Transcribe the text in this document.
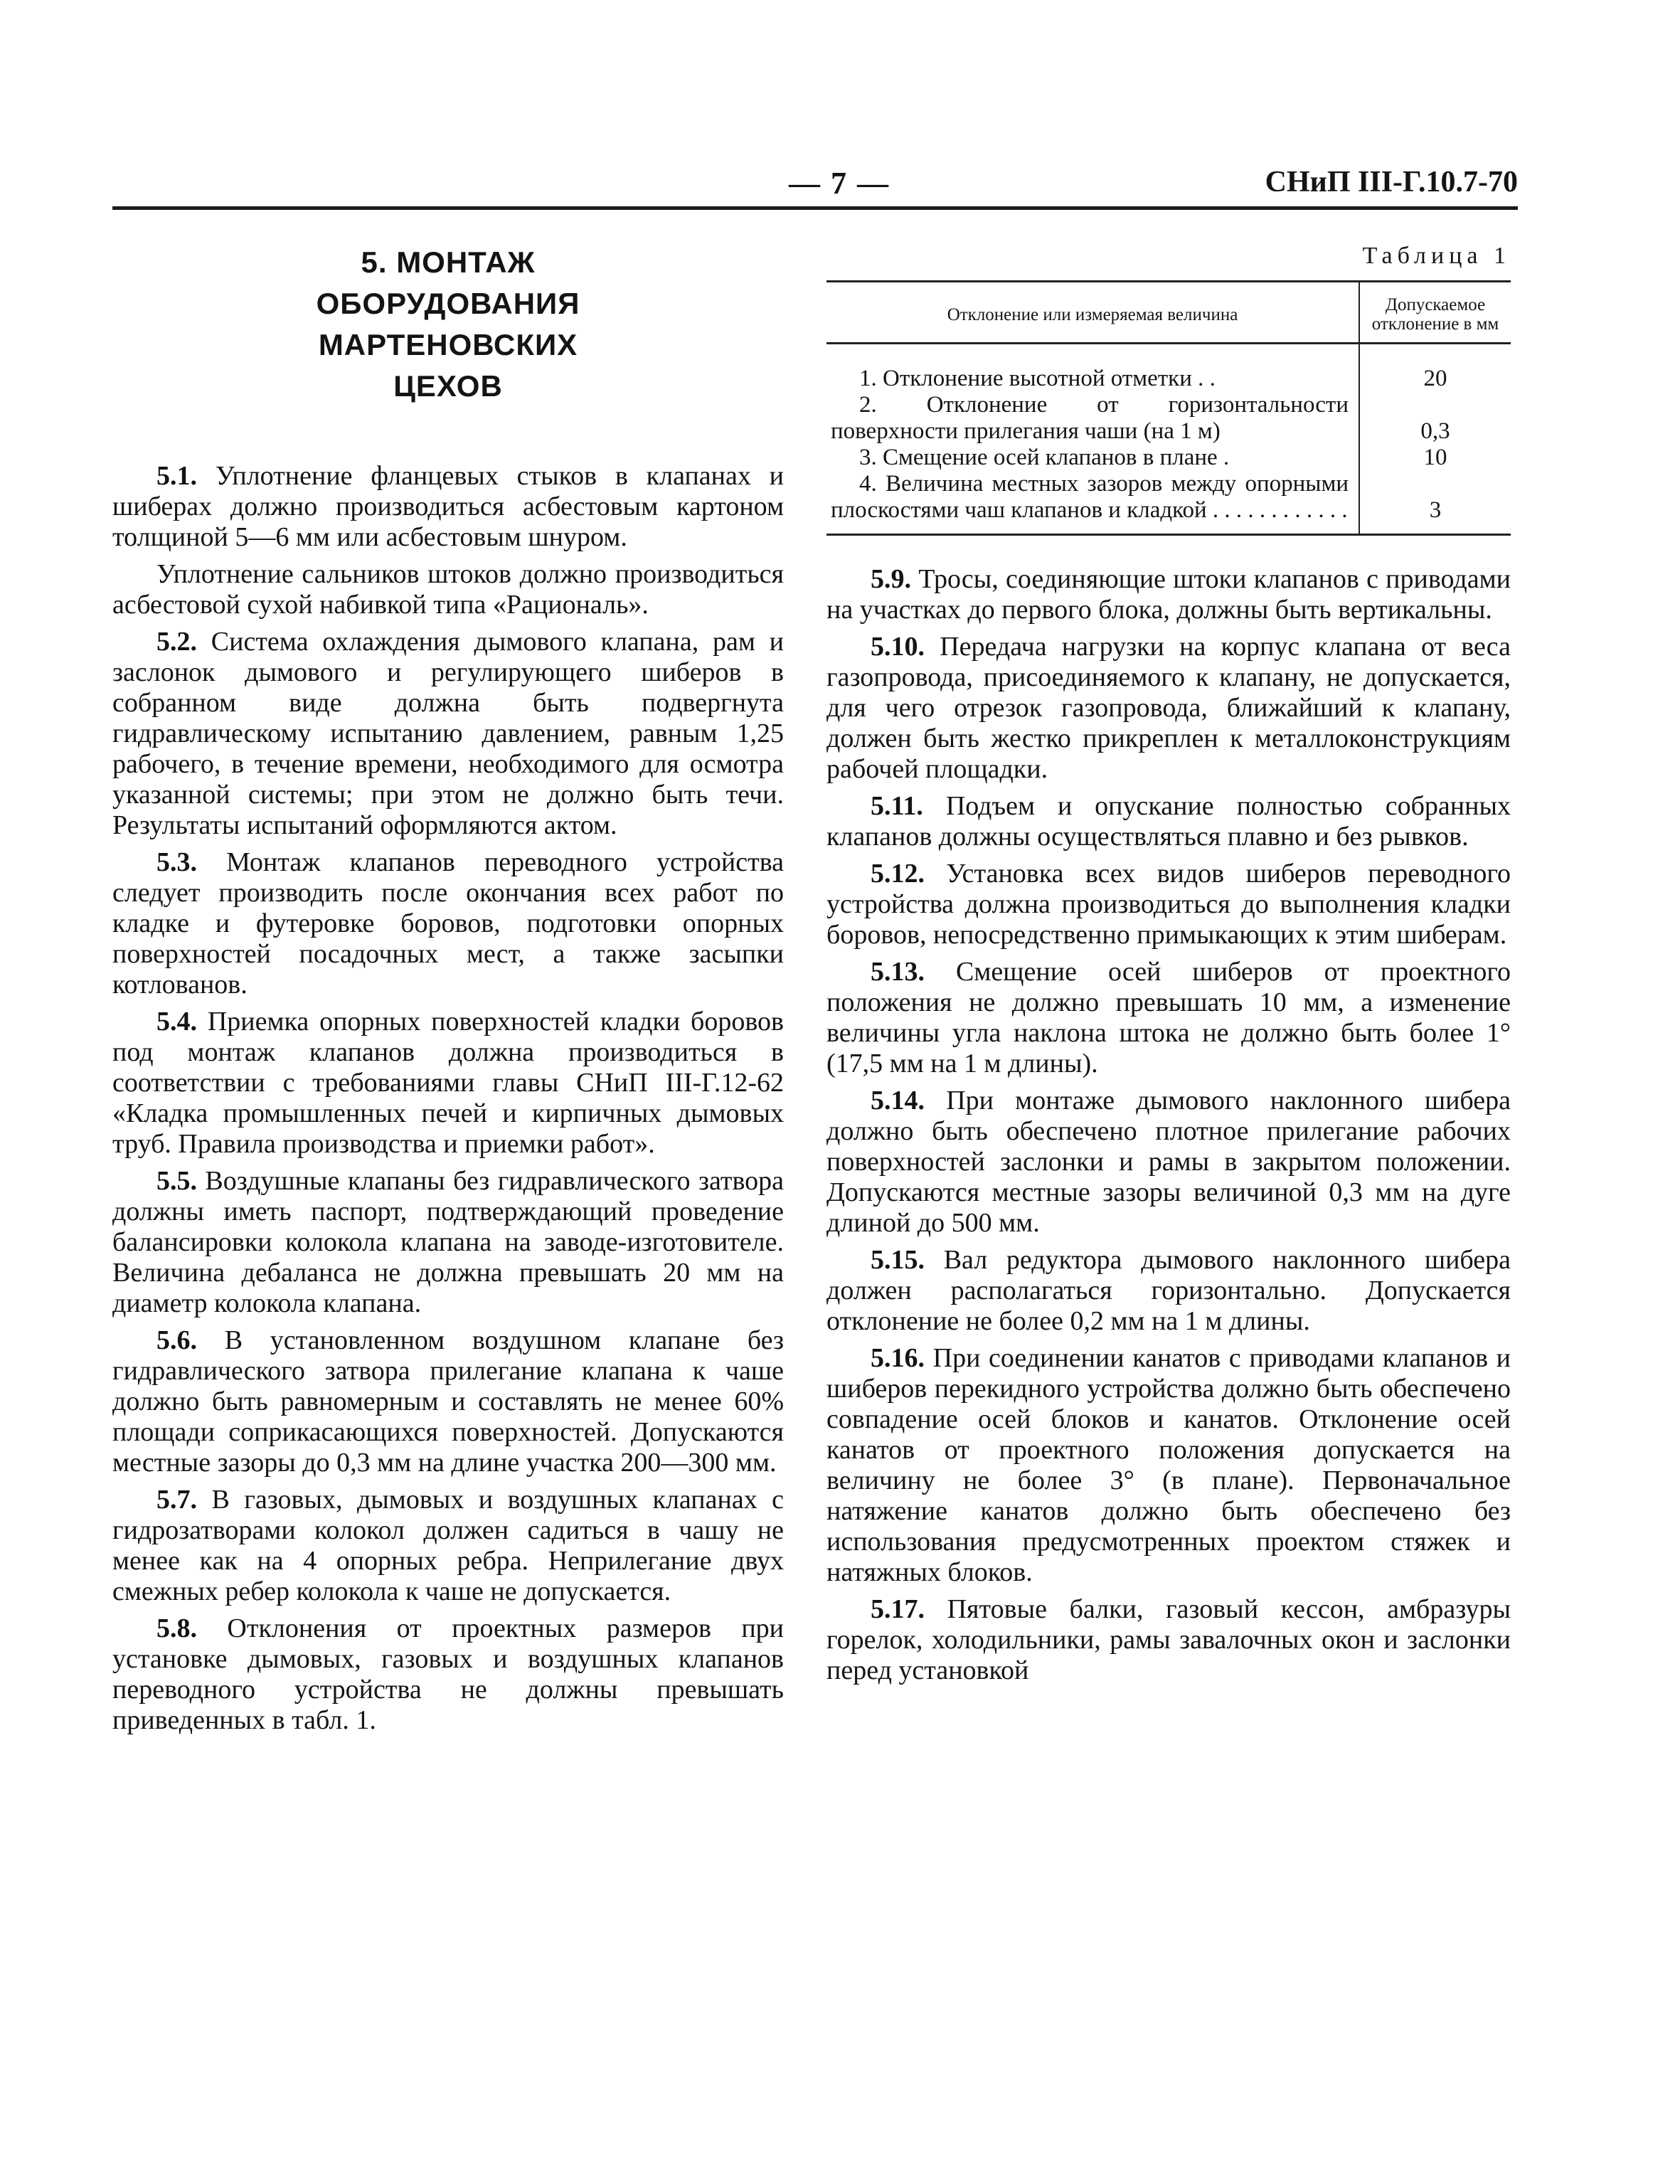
— 7 —	СНиП III-Г.10.7-70
5. МОНТАЖ
ОБОРУДОВАНИЯ
МАРТЕНОВСКИХ
ЦЕХОВ

5.1. Уплотнение фланцевых стыков в клапанах и шиберах должно производиться асбестовым картоном толщиной 5—6 мм или асбестовым шнуром.

Уплотнение сальников штоков должно производиться асбестовой сухой набивкой типа «Рациональ».

5.2. Система охлаждения дымового клапана, рам и заслонок дымового и регулирующего шиберов в собранном виде должна быть подвергнута гидравлическому испытанию давлением, равным 1,25 рабочего, в течение времени, необходимого для осмотра указанной системы; при этом не должно быть течи. Результаты испытаний оформляются актом.

5.3. Монтаж клапанов переводного устройства следует производить после окончания всех работ по кладке и футеровке боровов, подготовки опорных поверхностей посадочных мест, а также засыпки котлованов.

5.4. Приемка опорных поверхностей кладки боровов под монтаж клапанов должна производиться в соответствии с требованиями главы СНиП III-Г.12-62 «Кладка промышленных печей и кирпичных дымовых труб. Правила производства и приемки работ».

5.5. Воздушные клапаны без гидравлического затвора должны иметь паспорт, подтверждающий проведение балансировки колокола клапана на заводе-изготовителе. Величина дебаланса не должна превышать 20 мм на диаметр колокола клапана.

5.6. В установленном воздушном клапане без гидравлического затвора прилегание клапана к чаше должно быть равномерным и составлять не менее 60% площади соприкасающихся поверхностей. Допускаются местные зазоры до 0,3 мм на длине участка 200—300 мм.

5.7. В газовых, дымовых и воздушных клапанах с гидрозатворами колокол должен садиться в чашу не менее как на 4 опорных ребра. Неприлегание двух смежных ребер колокола к чаше не допускается.

5.8. Отклонения от проектных размеров при установке дымовых, газовых и воздушных клапанов переводного устройства не должны превышать приведенных в табл. 1.

Таблица 1
Отклонение или измеряемая величина	Допускаемое отклонение в мм
1. Отклонение высотной отметки . .	20
2. Отклонение от горизонтальности поверхности прилегания чаши (на 1 м)	0,3
3. Смещение осей клапанов в плане .	10
4. Величина местных зазоров между опорными плоскостями чаш клапанов и кладкой . . . . . . . . . . . .	3

5.9. Тросы, соединяющие штоки клапанов с приводами на участках до первого блока, должны быть вертикальны.

5.10. Передача нагрузки на корпус клапана от веса газопровода, присоединяемого к клапану, не допускается, для чего отрезок газопровода, ближайший к клапану, должен быть жестко прикреплен к металлоконструкциям рабочей площадки.

5.11. Подъем и опускание полностью собранных клапанов должны осуществляться плавно и без рывков.

5.12. Установка всех видов шиберов переводного устройства должна производиться до выполнения кладки боровов, непосредственно примыкающих к этим шиберам.

5.13. Смещение осей шиберов от проектного положения не должно превышать 10 мм, а изменение величины угла наклона штока не должно быть более 1° (17,5 мм на 1 м длины).

5.14. При монтаже дымового наклонного шибера должно быть обеспечено плотное прилегание рабочих поверхностей заслонки и рамы в закрытом положении. Допускаются местные зазоры величиной 0,3 мм на дуге длиной до 500 мм.

5.15. Вал редуктора дымового наклонного шибера должен располагаться горизонтально. Допускается отклонение не более 0,2 мм на 1 м длины.

5.16. При соединении канатов с приводами клапанов и шиберов перекидного устройства должно быть обеспечено совпадение осей блоков и канатов. Отклонение осей канатов от проектного положения допускается на величину не более 3° (в плане). Первоначальное натяжение канатов должно быть обеспечено без использования предусмотренных проектом стяжек и натяжных блоков.

5.17. Пятовые балки, газовый кессон, амбразуры горелок, холодильники, рамы завалочных окон и заслонки перед установкой
